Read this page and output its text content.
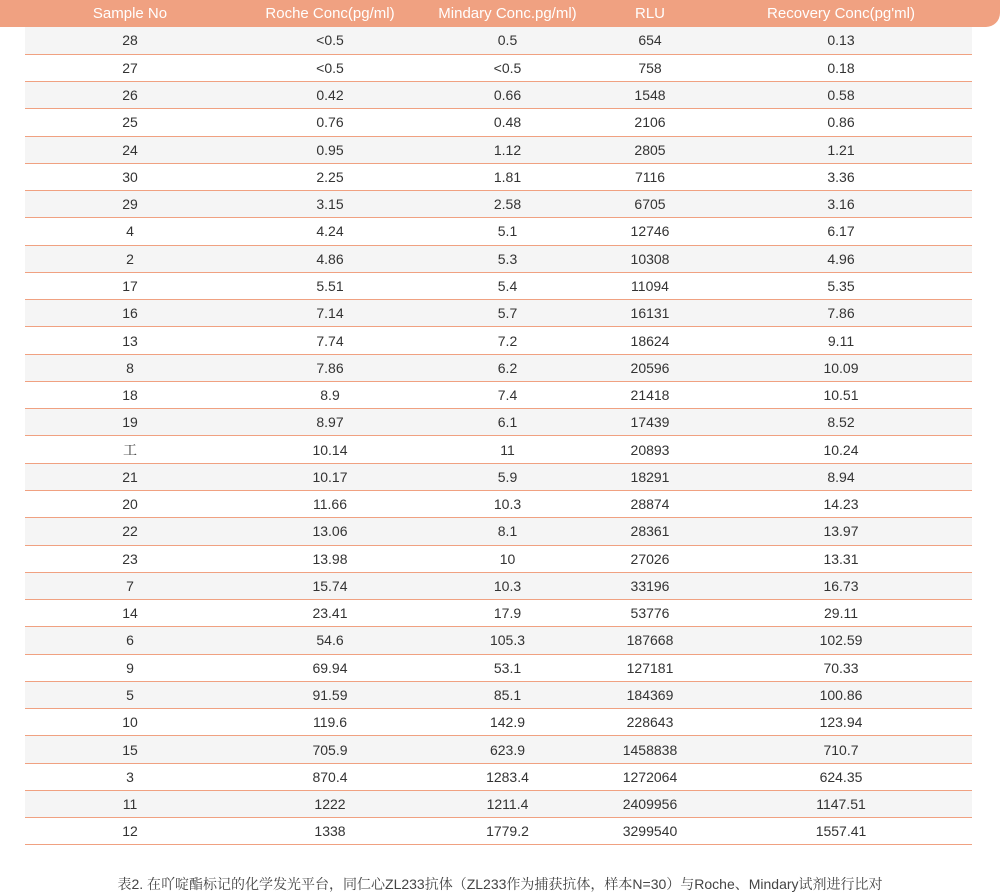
Sample No	Roche Conc(pg/ml)	Mindary Conc.pg/ml)	RLU	Recovery Conc(pg'ml)
28	<0.5	0.5	654	0.13
27	<0.5	<0.5	758	0.18
26	0.42	0.66	1548	0.58
25	0.76	0.48	2106	0.86
24	0.95	1.12	2805	1.21
30	2.25	1.81	7116	3.36
29	3.15	2.58	6705	3.16
4	4.24	5.1	12746	6.17
2	4.86	5.3	10308	4.96
17	5.51	5.4	11094	5.35
16	7.14	5.7	16131	7.86
13	7.74	7.2	18624	9.11
8	7.86	6.2	20596	10.09
18	8.9	7.4	21418	10.51
19	8.97	6.1	17439	8.52
工	10.14	11	20893	10.24
21	10.17	5.9	18291	8.94
20	11.66	10.3	28874	14.23
22	13.06	8.1	28361	13.97
23	13.98	10	27026	13.31
7	15.74	10.3	33196	16.73
14	23.41	17.9	53776	29.11
6	54.6	105.3	187668	102.59
9	69.94	53.1	127181	70.33
5	91.59	85.1	184369	100.86
10	119.6	142.9	228643	123.94
15	705.9	623.9	1458838	710.7
3	870.4	1283.4	1272064	624.35
11	1222	1211.4	2409956	1147.51
12	1338	1779.2	3299540	1557.41
表2. 在吖啶酯标记的化学发光平台，同仁心ZL233抗体（ZL233作为捕获抗体，样本N=30）与Roche、Mindary试剂进行比对
